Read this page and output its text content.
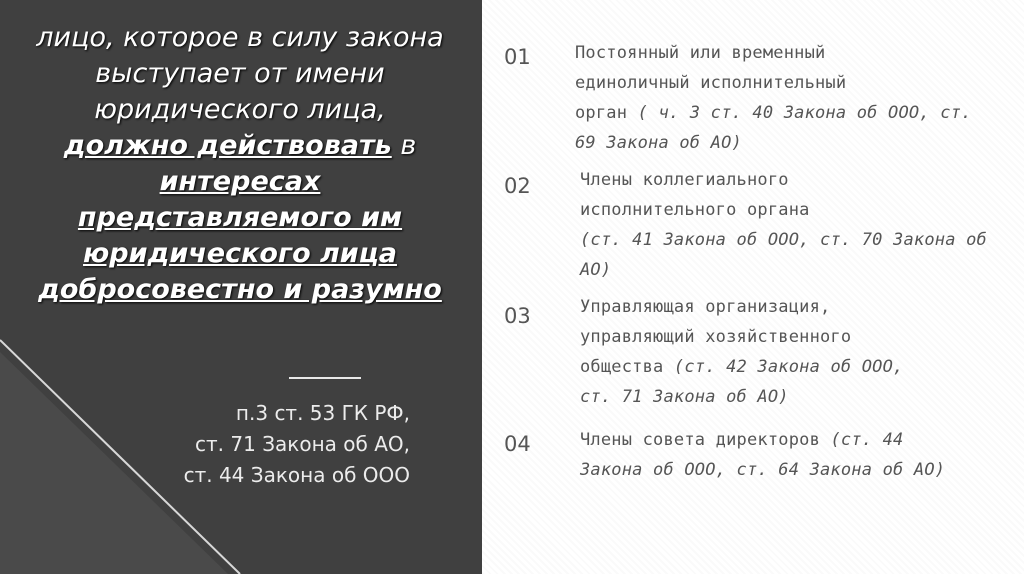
лицо, которое в силу закона выступает от имени юридического лица, должно действовать в интересах представляемого им юридического лица добросовестно и разумно
п.3 ст. 53 ГК РФ,
ст. 71 Закона об АО,
ст. 44 Закона об ООО
01	Постоянный или временный
единоличный исполнительный
орган ( ч. 3 ст. 40 Закона об ООО, ст.
69 Закона об АО)
02	Члены коллегиального
исполнительного органа
(ст. 41 Закона об ООО, ст. 70 Закона об
АО)
03	Управляющая организация,
управляющий хозяйственного
общества (ст. 42 Закона об ООО,
ст. 71 Закона об АО)
04	Члены совета директоров (ст. 44
Закона об ООО, ст. 64 Закона об АО)
